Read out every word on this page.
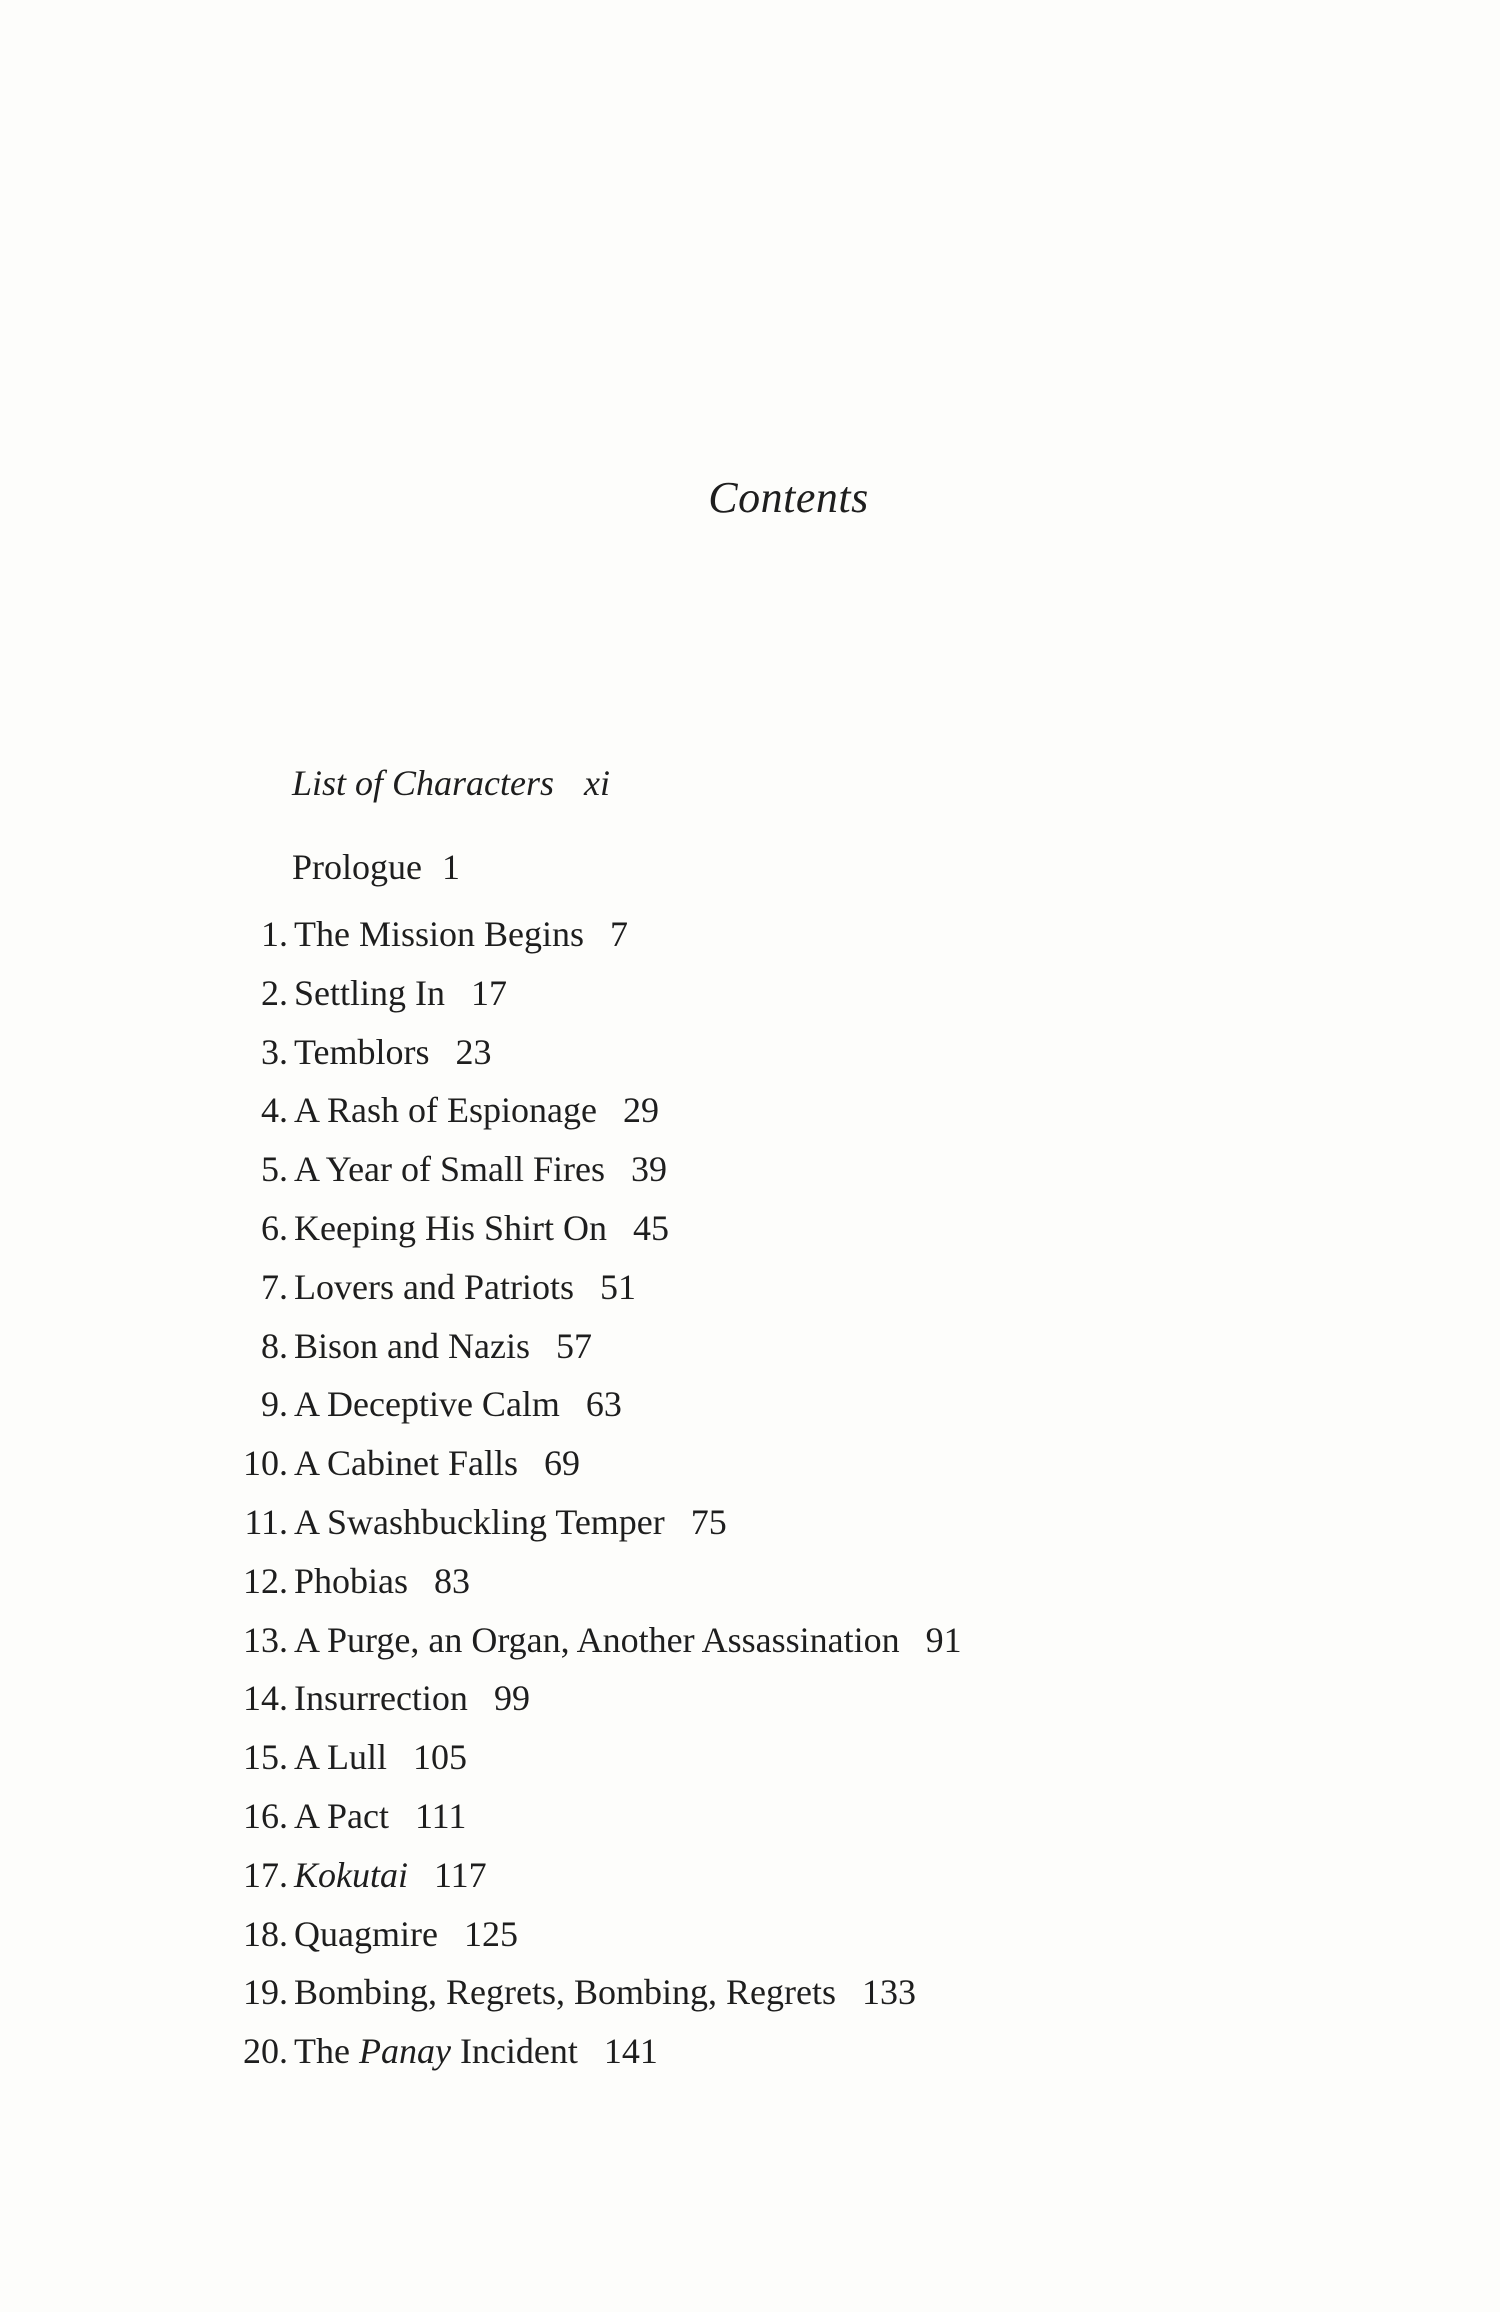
Contents
List of Characters xi
Prologue 1
1. The Mission Begins 7
2. Settling In 17
3. Temblors 23
4. A Rash of Espionage 29
5. A Year of Small Fires 39
6. Keeping His Shirt On 45
7. Lovers and Patriots 51
8. Bison and Nazis 57
9. A Deceptive Calm 63
10. A Cabinet Falls 69
11. A Swashbuckling Temper 75
12. Phobias 83
13. A Purge, an Organ, Another Assassination 91
14. Insurrection 99
15. A Lull 105
16. A Pact 111
17. Kokutai 117
18. Quagmire 125
19. Bombing, Regrets, Bombing, Regrets 133
20. The Panay Incident 141
